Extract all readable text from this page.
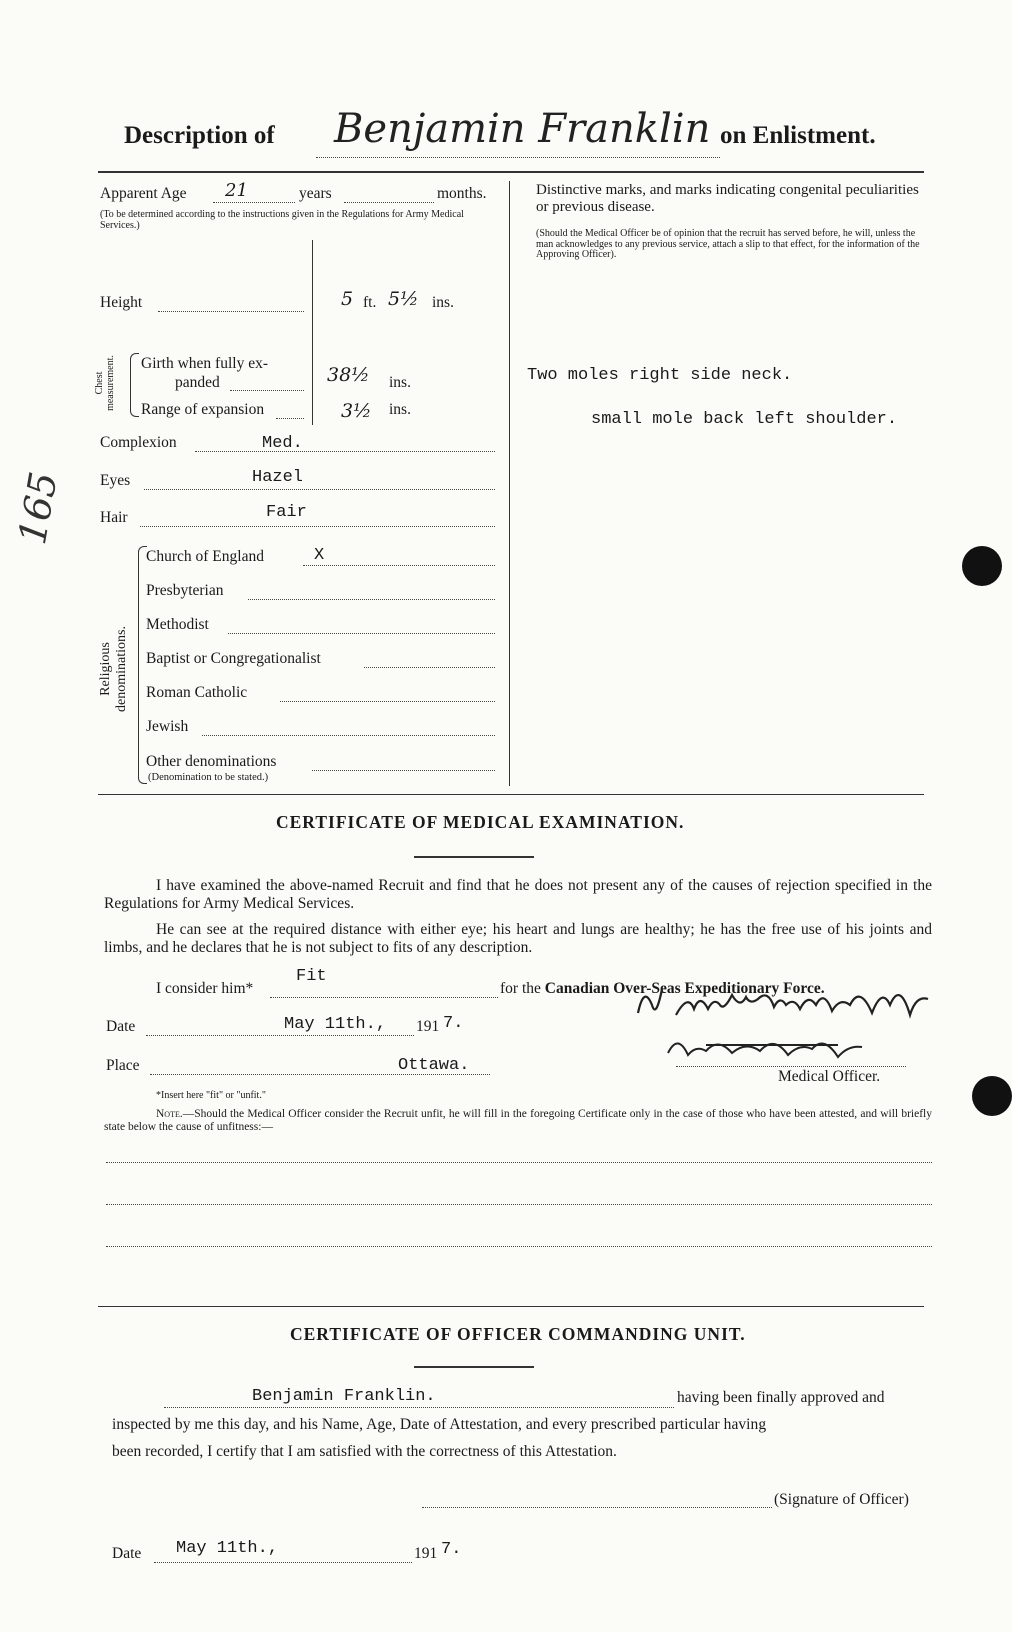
165
Description of Benjamin Franklin on Enlistment.
Apparent Age 21	years	months.
(To be determined according to the instructions given in the Regulations for Army Medical Services.)
Height	5 ft. 5½ ins.
Chest measurement. Girth when fully ex-
panded	38½ ins.
Range of expansion	3½ ins.
Complexion	Med.
Eyes	Hazel
Hair	Fair
Religious denominations.
Church of England	X
Presbyterian
Methodist
Baptist or Congregationalist
Roman Catholic
Jewish
Other denominations
(Denomination to be stated.)
Distinctive marks, and marks indicating congenital peculiarities or previous disease.
(Should the Medical Officer be of opinion that the recruit has served before, he will, unless the man acknowledges to any previous service, attach a slip to that effect, for the information of the Approving Officer).
Two moles right side neck.
small mole back left shoulder.
CERTIFICATE OF MEDICAL EXAMINATION.
I have examined the above-named Recruit and find that he does not present any of the causes of rejection specified in the Regulations for Army Medical Services.
He can see at the required distance with either eye; his heart and lungs are healthy; he has the free use of his joints and limbs, and he declares that he is not subject to fits of any description.
I consider him*
Fit
for the Canadian Over-Seas Expeditionary Force.
Date	May 11th., 191 7.
Place	Ottawa.
*Insert here "fit" or "unfit."
Medical Officer.
Note.—Should the Medical Officer consider the Recruit unfit, he will fill in the foregoing Certificate only in the case of those who have been attested, and will briefly state below the cause of unfitness:—
CERTIFICATE OF OFFICER COMMANDING UNIT.
Benjamin Franklin.	having been finally approved and
inspected by me this day, and his Name, Age, Date of Attestation, and every prescribed particular having
been recorded, I certify that I am satisfied with the correctness of this Attestation.
(Signature of Officer)
Date May 11th.,	191 7.
